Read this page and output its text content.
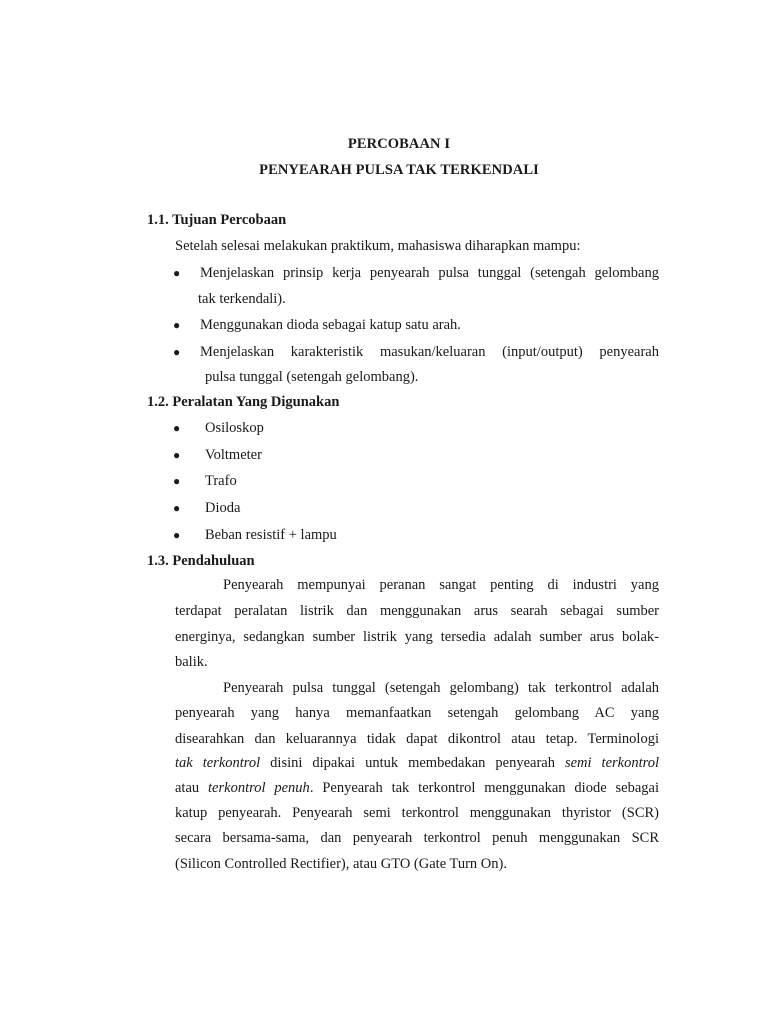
PERCOBAAN I
PENYEARAH PULSA TAK TERKENDALI
1.1. Tujuan Percobaan
Setelah selesai melakukan praktikum, mahasiswa diharapkan mampu:
● Menjelaskan prinsip kerja penyearah pulsa tunggal (setengah gelombang
tak terkendali).
● Menggunakan dioda sebagai katup satu arah.
● Menjelaskan karakteristik masukan/keluaran (input/output) penyearah
pulsa tunggal (setengah gelombang).
1.2. Peralatan Yang Digunakan
● Osiloskop
● Voltmeter
● Trafo
● Dioda
● Beban resistif + lampu
1.3. Pendahuluan
Penyearah mempunyai peranan sangat penting di industri yang
terdapat peralatan listrik dan menggunakan arus searah sebagai sumber
energinya, sedangkan sumber listrik yang tersedia adalah sumber arus bolak-
balik.
Penyearah pulsa tunggal (setengah gelombang) tak terkontrol adalah
penyearah yang hanya memanfaatkan setengah gelombang AC yang
disearahkan dan keluarannya tidak dapat dikontrol atau tetap. Terminologi
tak terkontrol disini dipakai untuk membedakan penyearah semi terkontrol
atau terkontrol penuh. Penyearah tak terkontrol menggunakan diode sebagai
katup penyearah. Penyearah semi terkontrol menggunakan thyristor (SCR)
secara bersama-sama, dan penyearah terkontrol penuh menggunakan SCR
(Silicon Controlled Rectifier), atau GTO (Gate Turn On).
